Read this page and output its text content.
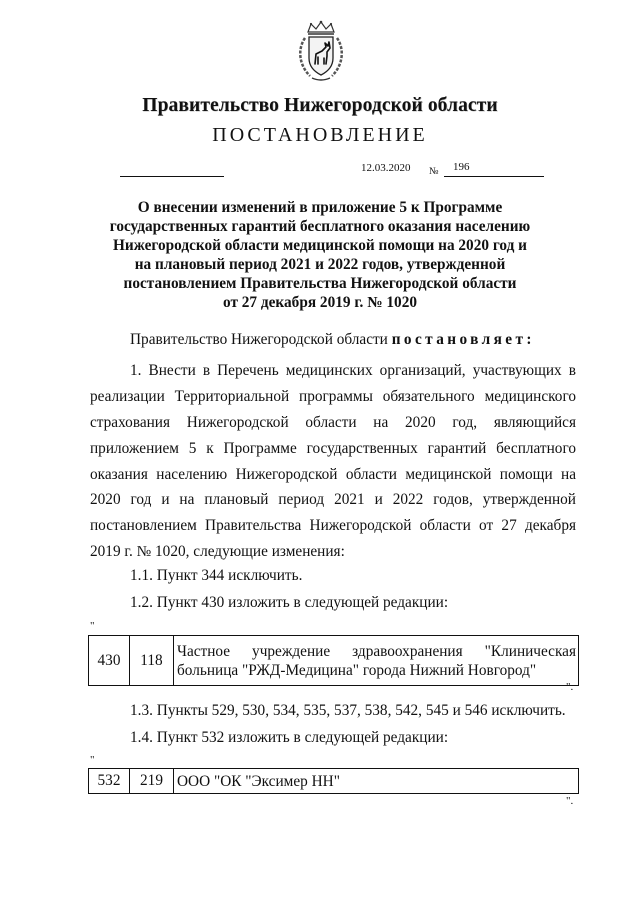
Правительство Нижегородской области
ПОСТАНОВЛЕНИЕ
12.03.2020 № 196
О внесении изменений в приложение 5 к Программе
государственных гарантий бесплатного оказания населению
Нижегородской области медицинской помощи на 2020 год и
на плановый период 2021 и 2022 годов, утвержденной
постановлением Правительства Нижегородской области
от 27 декабря 2019 г. № 1020
Правительство Нижегородской области постановляет:
1. Внести в Перечень медицинских организаций, участвующих в
реализации Территориальной программы обязательного медицинского
страхования Нижегородской области на 2020 год, являющийся
приложением 5 к Программе государственных гарантий бесплатного
оказания населению Нижегородской области медицинской помощи на
2020 год и на плановый период 2021 и 2022 годов, утвержденной
постановлением Правительства Нижегородской области от 27 декабря
2019 г. № 1020, следующие изменения:
1.1. Пункт 344 исключить.
1.2. Пункт 430 изложить в следующей редакции:
"
430	118	
Частное учреждение здравоохранения "Клиническая
больница "РЖД-Медицина" города Нижний Новгород"
".
1.3. Пункты 529, 530, 534, 535, 537, 538, 542, 545 и 546 исключить.
1.4. Пункт 532 изложить в следующей редакции:
"
532	219	ООО "ОК "Эксимер НН"
".
